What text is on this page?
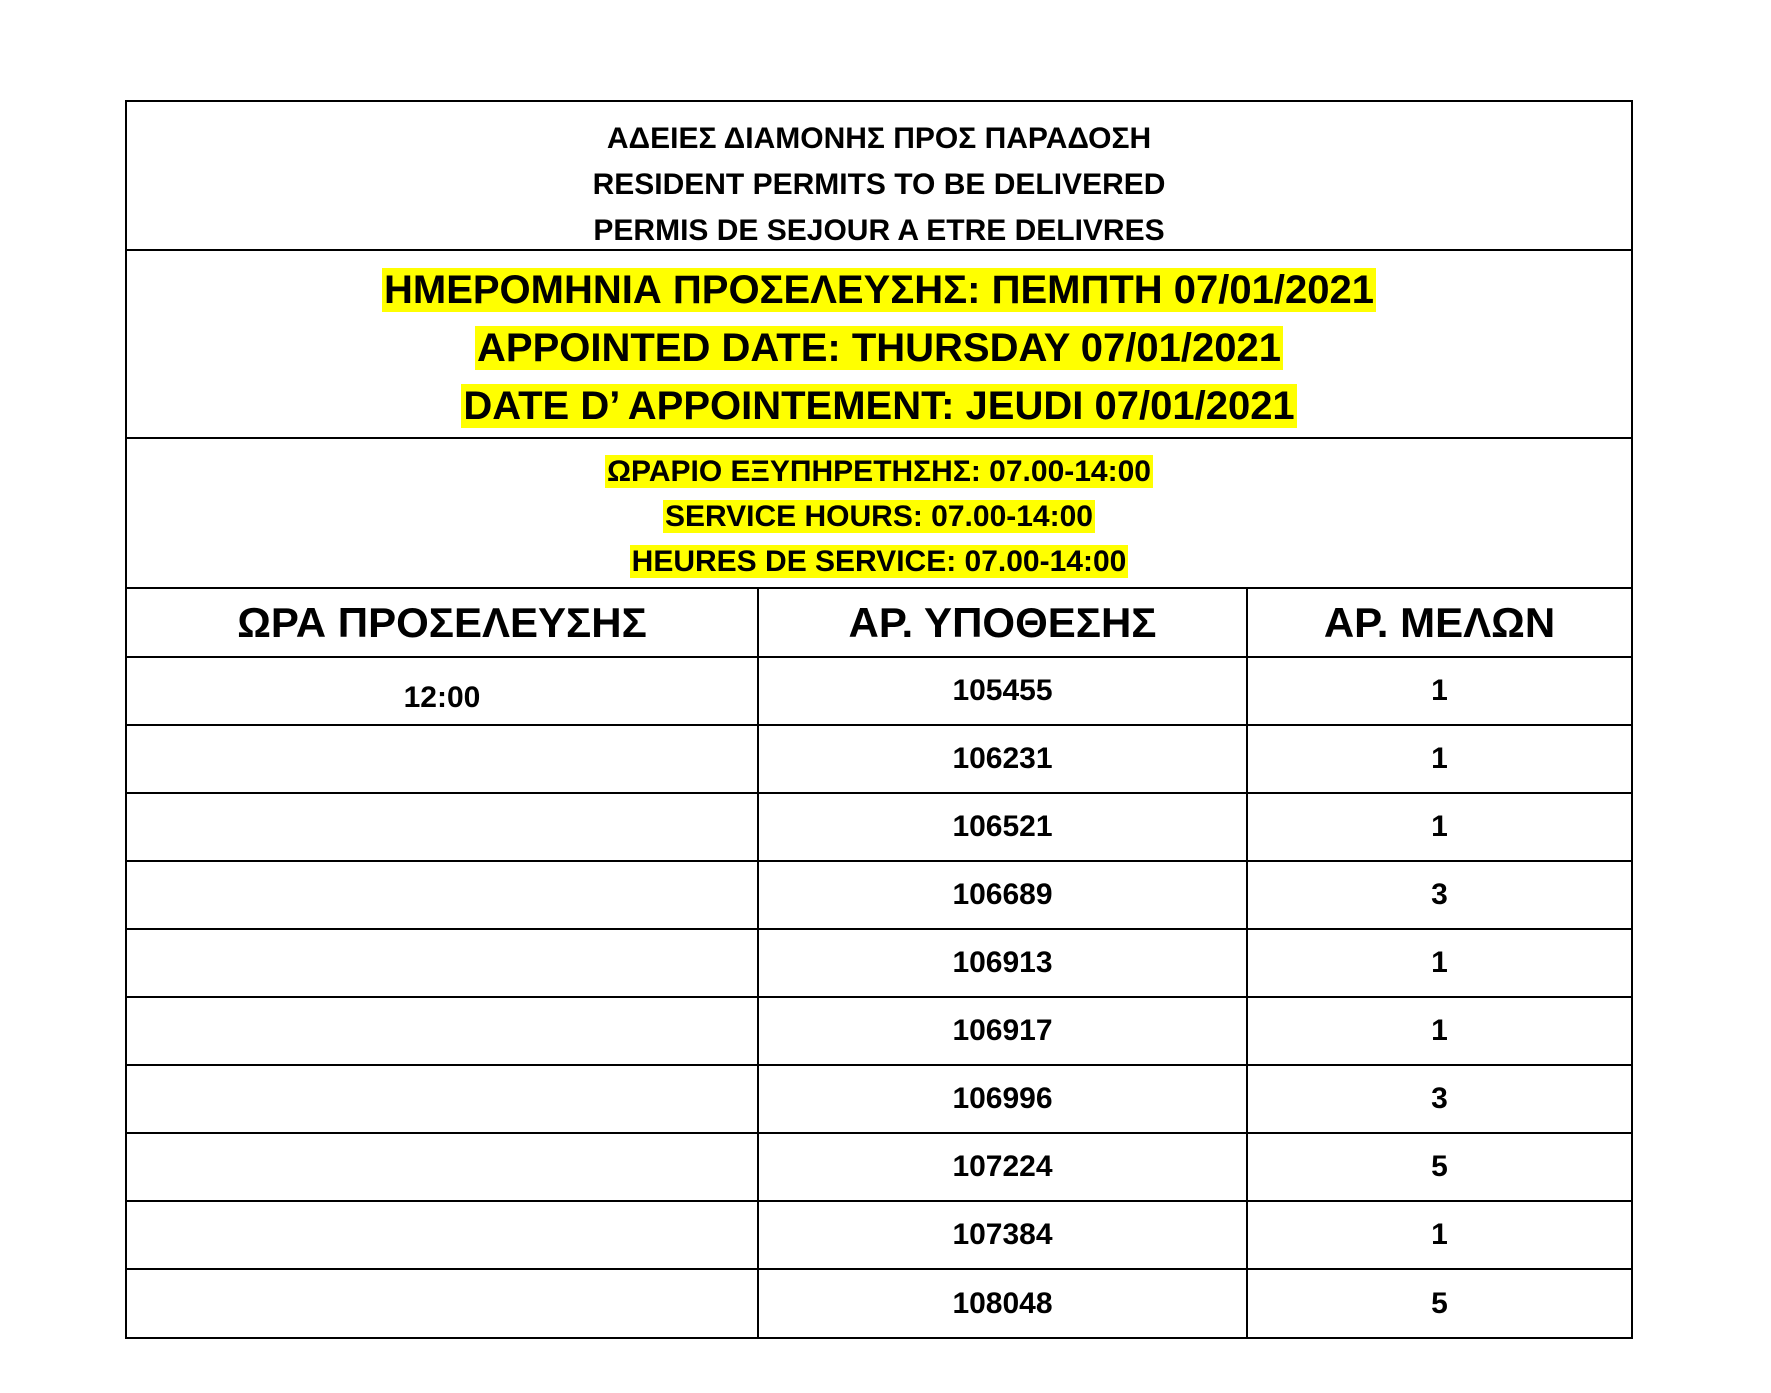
ΑΔΕΙΕΣ ΔΙΑΜΟΝΗΣ ΠΡΟΣ ΠΑΡΑΔΟΣΗ
RESIDENT PERMITS TO BE DELIVERED
PERMIS DE SEJOUR A ETRE DELIVRES
ΗΜΕΡΟΜΗΝΙΑ ΠΡΟΣΕΛΕΥΣΗΣ: ΠΕΜΠΤΗ 07/01/2021
APPOINTED DATE: THURSDAY 07/01/2021
DATE D’ APPOINTEMENT: JEUDI 07/01/2021
ΩΡΑΡΙΟ ΕΞΥΠΗΡΕΤΗΣΗΣ: 07.00-14:00
SERVICE HOURS: 07.00-14:00
HEURES DE SERVICE: 07.00-14:00
ΩΡΑ ΠΡΟΣΕΛΕΥΣΗΣ	ΑΡ. ΥΠΟΘΕΣΗΣ	ΑΡ. ΜΕΛΩΝ
12:00	105455	1
	106231	1
	106521	1
	106689	3
	106913	1
	106917	1
	106996	3
	107224	5
	107384	1
	108048	5
